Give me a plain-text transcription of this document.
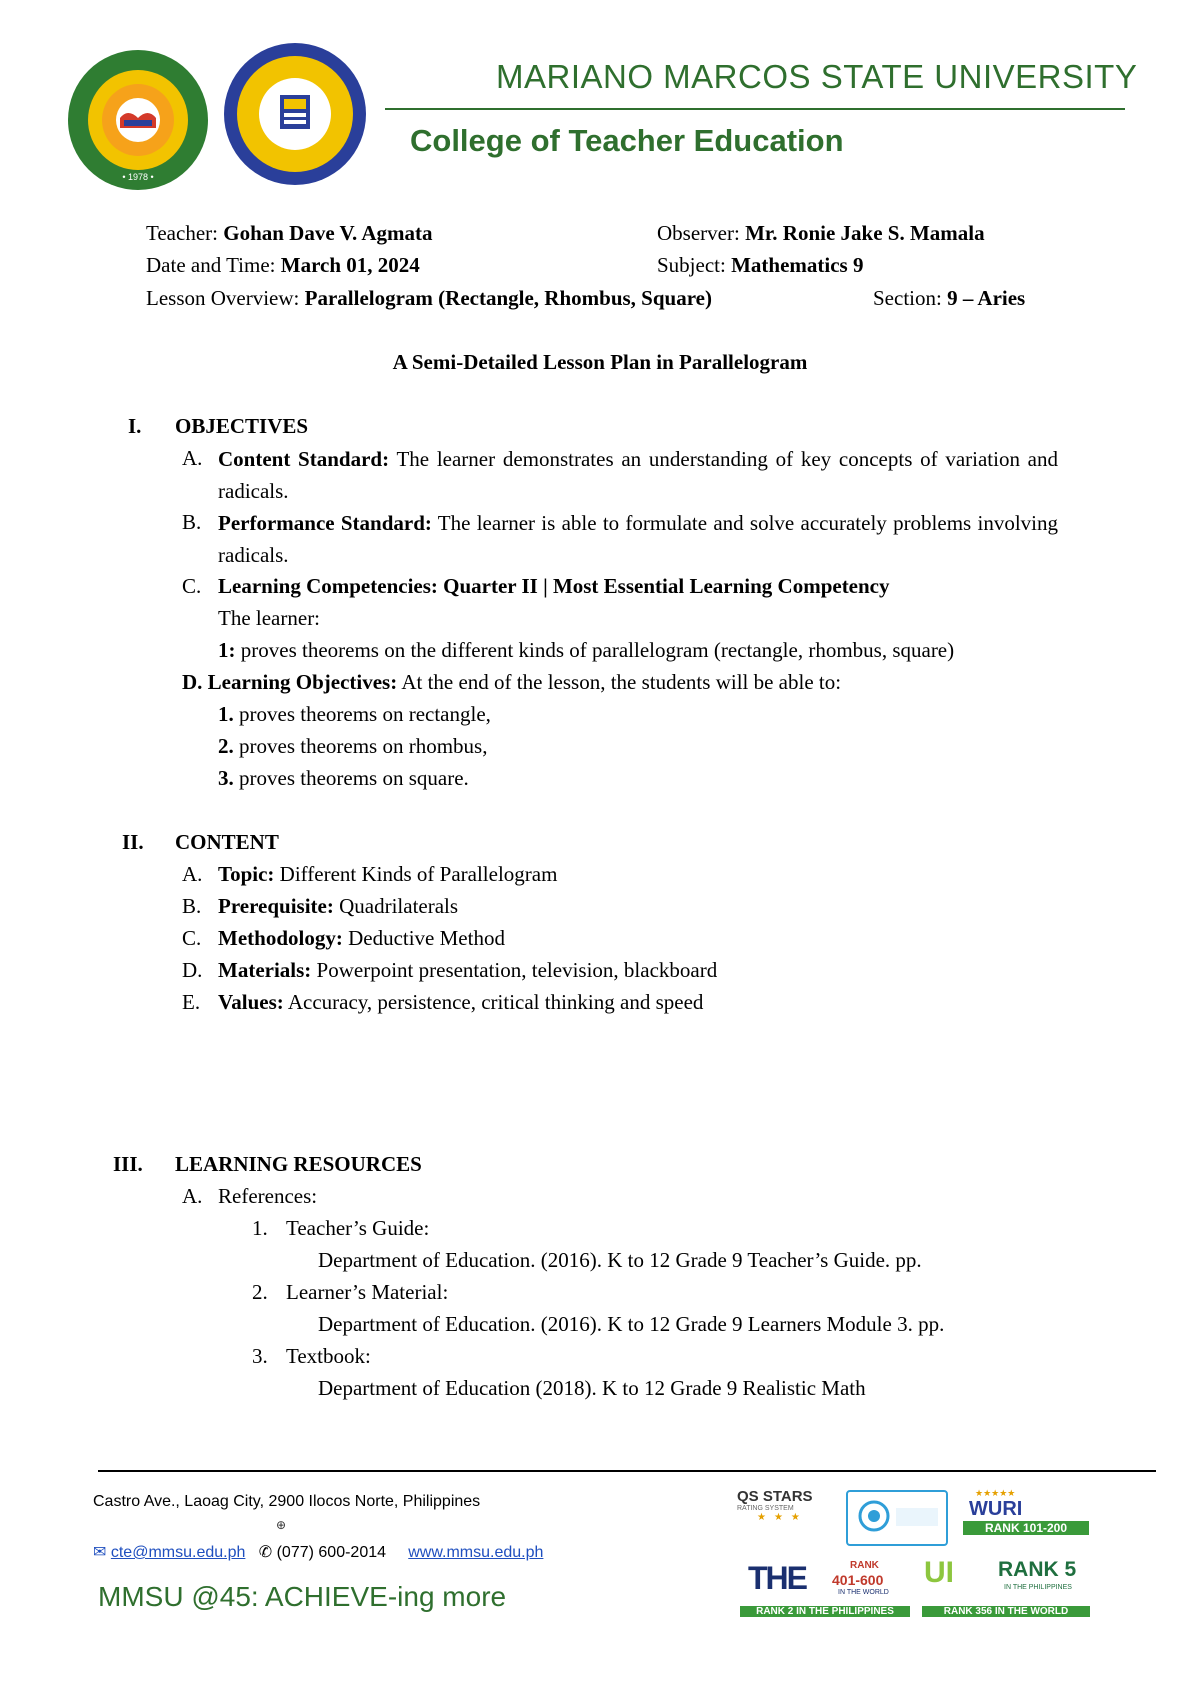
• 1978 •
MARIANO MARCOS STATE UNIVERSITY
College of Teacher Education
Teacher: Gohan Dave V. Agmata	Observer: Mr. Ronie Jake S. Mamala
Date and Time: March 01, 2024	Subject: Mathematics 9
Lesson Overview: Parallelogram (Rectangle, Rhombus, Square)	Section: 9 – Aries
A Semi-Detailed Lesson Plan in Parallelogram
I. OBJECTIVES
A. Content Standard: The learner demonstrates an understanding of key concepts of variation and radicals.
B. Performance Standard: The learner is able to formulate and solve accurately problems involving radicals.
C. Learning Competencies: Quarter II | Most Essential Learning Competency
The learner:
1: proves theorems on the different kinds of parallelogram (rectangle, rhombus, square)
D. Learning Objectives: At the end of the lesson, the students will be able to:
1. proves theorems on rectangle,
2. proves theorems on rhombus,
3. proves theorems on square.
II. CONTENT
A. Topic: Different Kinds of Parallelogram
B. Prerequisite: Quadrilaterals
C. Methodology: Deductive Method
D. Materials: Powerpoint presentation, television, blackboard
E. Values: Accuracy, persistence, critical thinking and speed
III. LEARNING RESOURCES
A. References:
1. Teacher’s Guide:
Department of Education. (2016). K to 12 Grade 9 Teacher’s Guide. pp.
2. Learner’s Material:
Department of Education. (2016). K to 12 Grade 9 Learners Module 3. pp.
3. Textbook:
Department of Education (2018). K to 12 Grade 9 Realistic Math
Castro Ave., Laoag City, 2900 Ilocos Norte, Philippines
⊕
✉ cte@mmsu.edu.ph ✆ (077) 600-2014 www.mmsu.edu.ph
MMSU @45: ACHIEVE-ing more
QS STARS
RATING SYSTEM
★★★
★★★★★
WURI
RANK 101-200
THE	RANK
401-600
IN THE WORLD
RANK 2 IN THE PHILIPPINES
UI RANK 5
IN THE PHILIPPINES
RANK 356 IN THE WORLD
